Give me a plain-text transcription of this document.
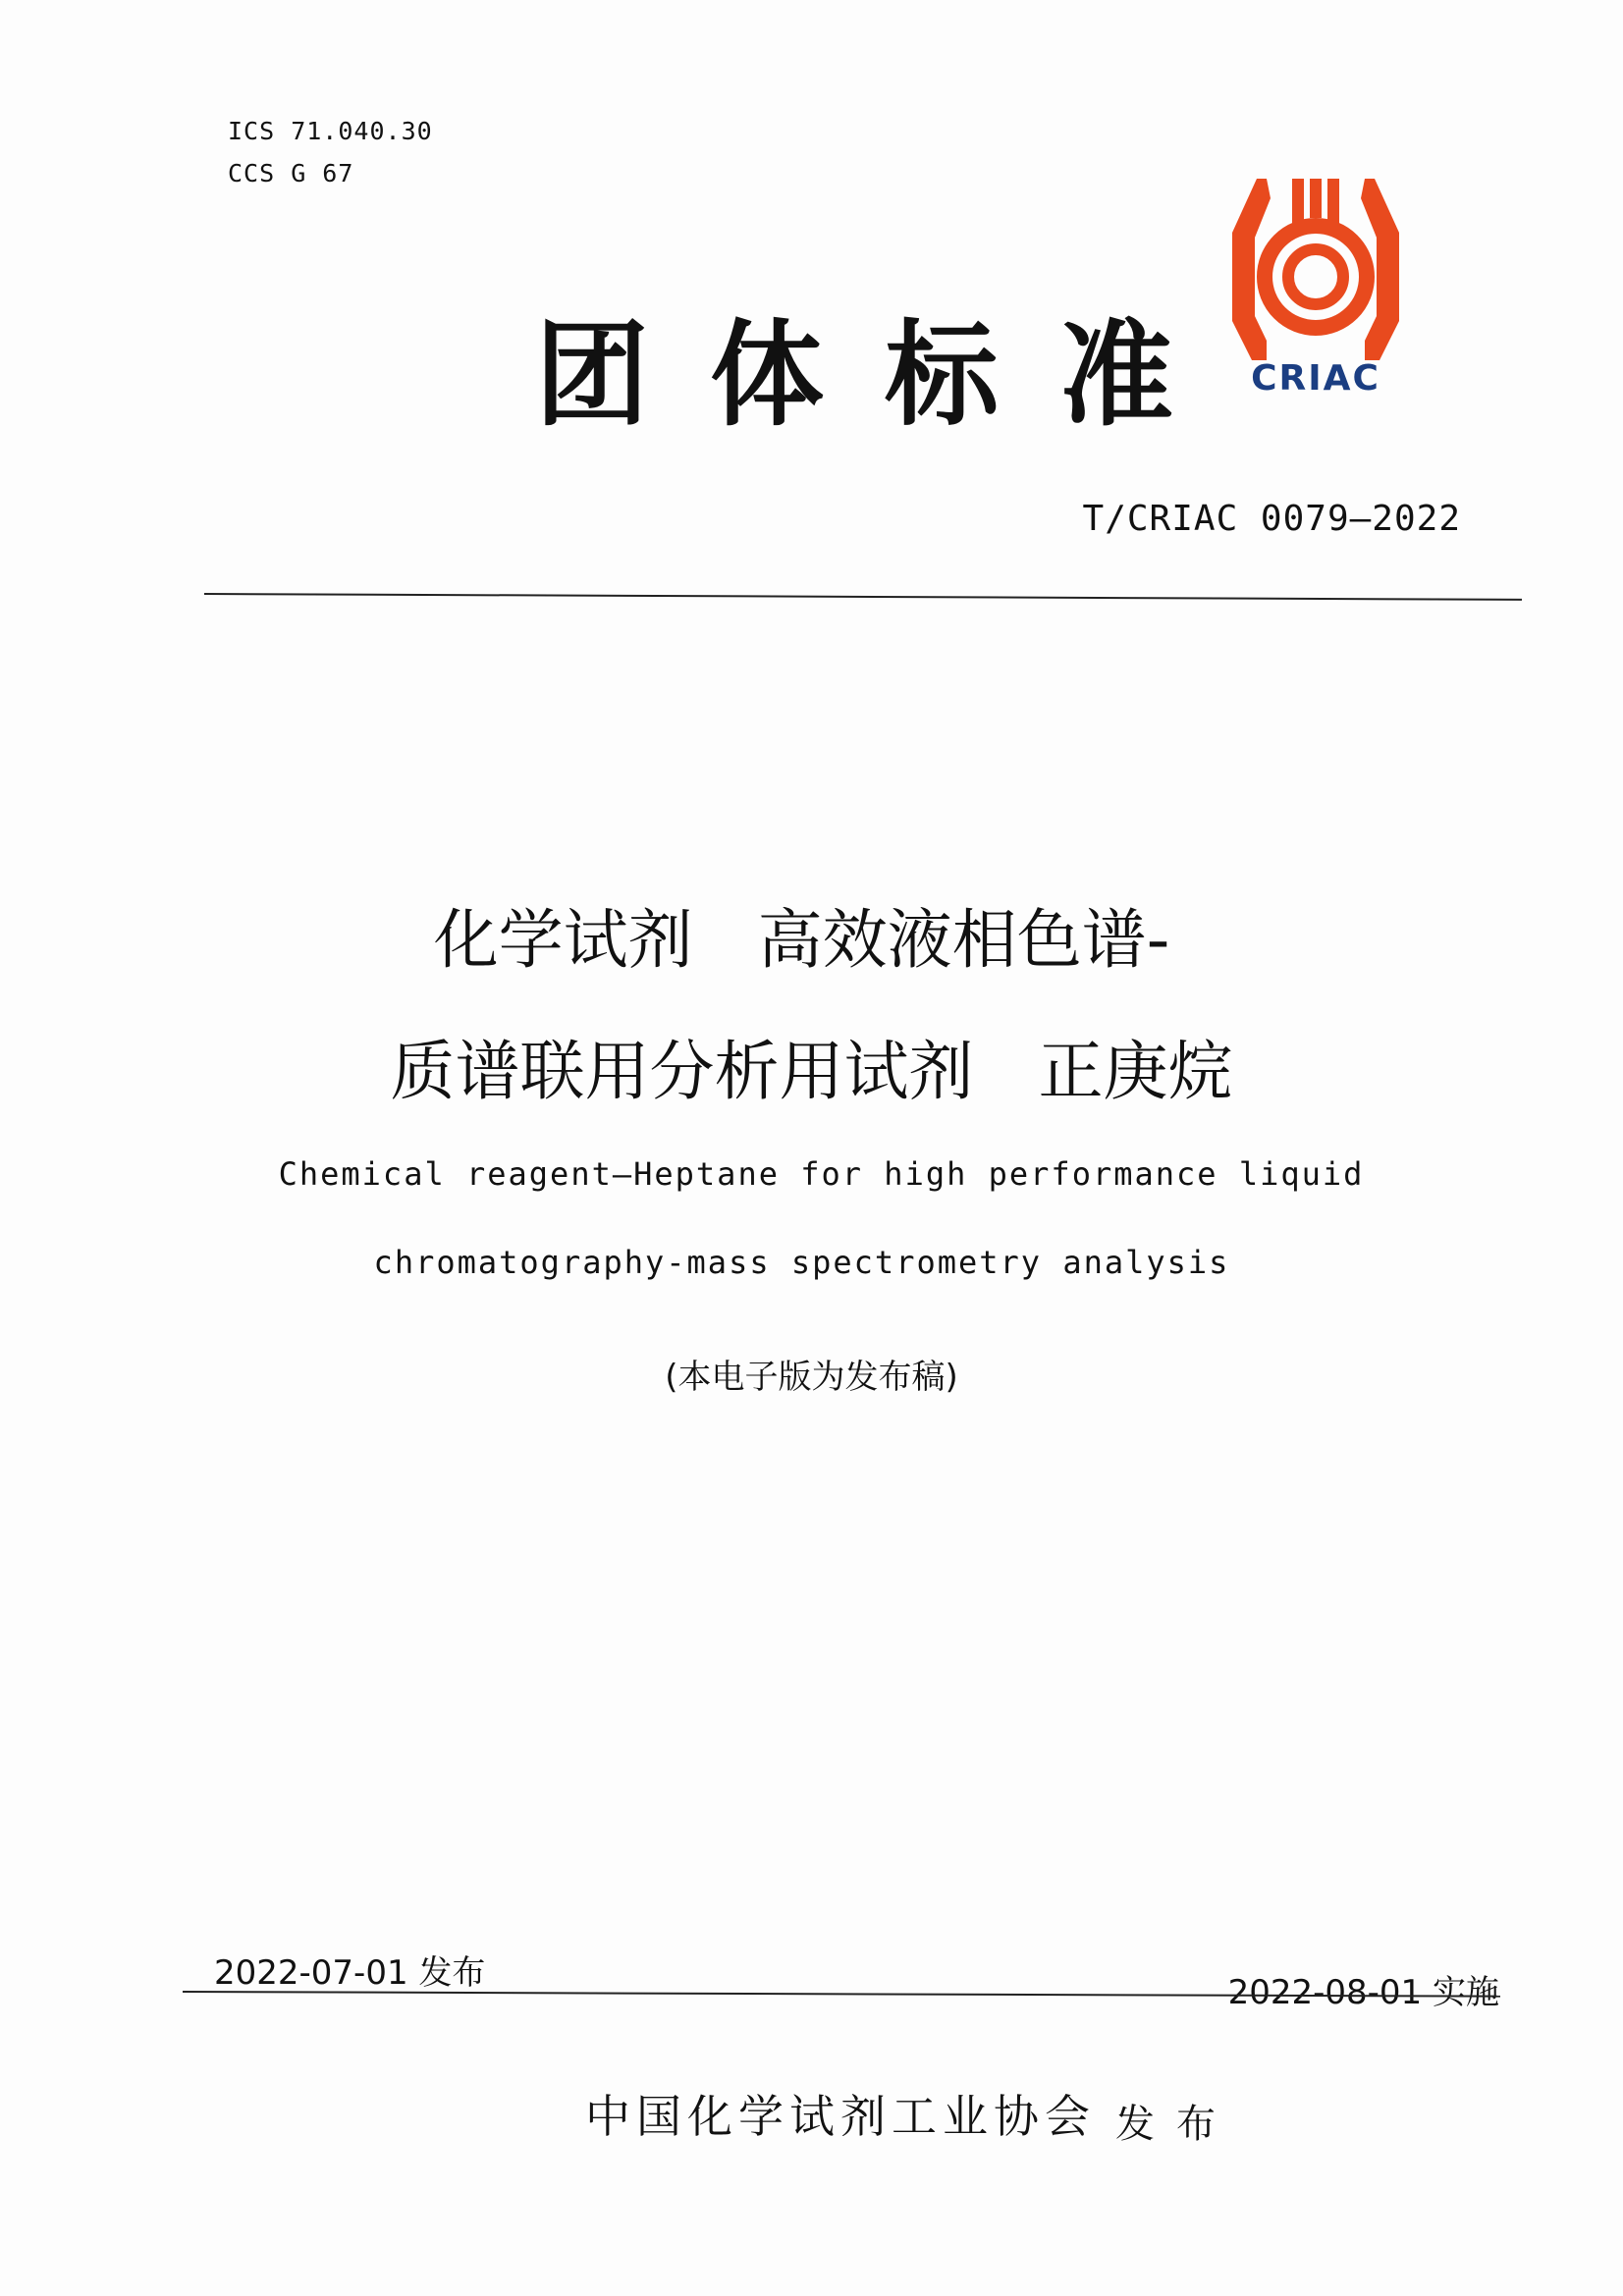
ICS 71.040.30
CCS G 67
团体标准 CRIAC
T/CRIAC 0079—2022
化学试剂　高效液相色谱-
质谱联用分析用试剂　正庚烷
Chemical reagent—Heptane for high performance liquid
chromatography-mass spectrometry analysis
(本电子版为发布稿)
2022-07-01 发布	2022-08-01 实施
中国化学试剂工业协会 发布
